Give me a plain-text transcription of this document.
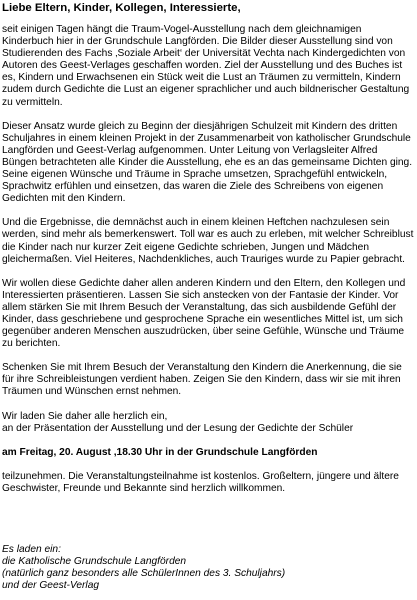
Liebe Eltern, Kinder, Kollegen, Interessierte,
seit einigen Tagen hängt die Traum-Vogel-Ausstellung nach dem gleichnamigen Kinderbuch hier in der Grundschule Langförden. Die Bilder dieser Ausstellung sind von Studierenden des Fachs ‚Soziale Arbeit‘ der Universität Vechta nach Kindergedichten von Autoren des Geest-Verlages geschaffen worden. Ziel der Ausstellung und des Buches ist es, Kindern und Erwachsenen ein Stück weit die Lust an Träumen zu vermitteln, Kindern zudem durch Gedichte die Lust an eigener sprachlicher und auch bildnerischer Gestaltung zu vermitteln.
Dieser Ansatz wurde gleich zu Beginn der diesjährigen Schulzeit mit Kindern des dritten Schuljahres in einem kleinen Projekt in der Zusammenarbeit von katholischer Grundschule Langförden und Geest-Verlag aufgenommen. Unter Leitung von Verlagsleiter Alfred Büngen betrachteten alle Kinder die Ausstellung, ehe es an das gemeinsame Dichten ging. Seine eigenen Wünsche und Träume in Sprache umsetzen, Sprachgefühl entwickeln, Sprachwitz erfühlen und einsetzen, das waren die Ziele des Schreibens von eigenen Gedichten mit den Kindern.
Und die Ergebnisse, die demnächst auch in einem kleinen Heftchen nachzulesen sein werden, sind mehr als bemerkenswert. Toll war es auch zu erleben, mit welcher Schreiblust die Kinder nach nur kurzer Zeit eigene Gedichte schrieben, Jungen und Mädchen gleichermaßen. Viel Heiteres, Nachdenkliches, auch Trauriges wurde zu Papier gebracht.
Wir wollen diese Gedichte daher allen anderen Kindern und den Eltern, den Kollegen und Interessierten präsentieren. Lassen Sie sich anstecken von der Fantasie der Kinder. Vor allem stärken Sie mit Ihrem Besuch der Veranstaltung, das sich ausbildende Gefühl der Kinder, dass geschriebene und gesprochene Sprache ein wesentliches Mittel ist, um sich gegenüber anderen Menschen auszudrücken, über seine Gefühle, Wünsche und Träume zu berichten.
Schenken Sie mit Ihrem Besuch der Veranstaltung den Kindern die Anerkennung, die sie für ihre Schreibleistungen verdient haben. Zeigen Sie den Kindern, dass wir sie mit ihren Träumen und Wünschen ernst nehmen.
Wir laden Sie daher alle herzlich ein,
an der Präsentation der Ausstellung und der Lesung der Gedichte der Schüler
am Freitag, 20. August ,18.30 Uhr in der Grundschule Langförden
teilzunehmen. Die Veranstaltungsteilnahme ist kostenlos. Großeltern, jüngere und ältere Geschwister, Freunde und Bekannte sind herzlich willkommen.
Es laden ein:
die Katholische Grundschule Langförden
(natürlich ganz besonders alle SchülerInnen des 3. Schuljahrs)
und der Geest-Verlag
